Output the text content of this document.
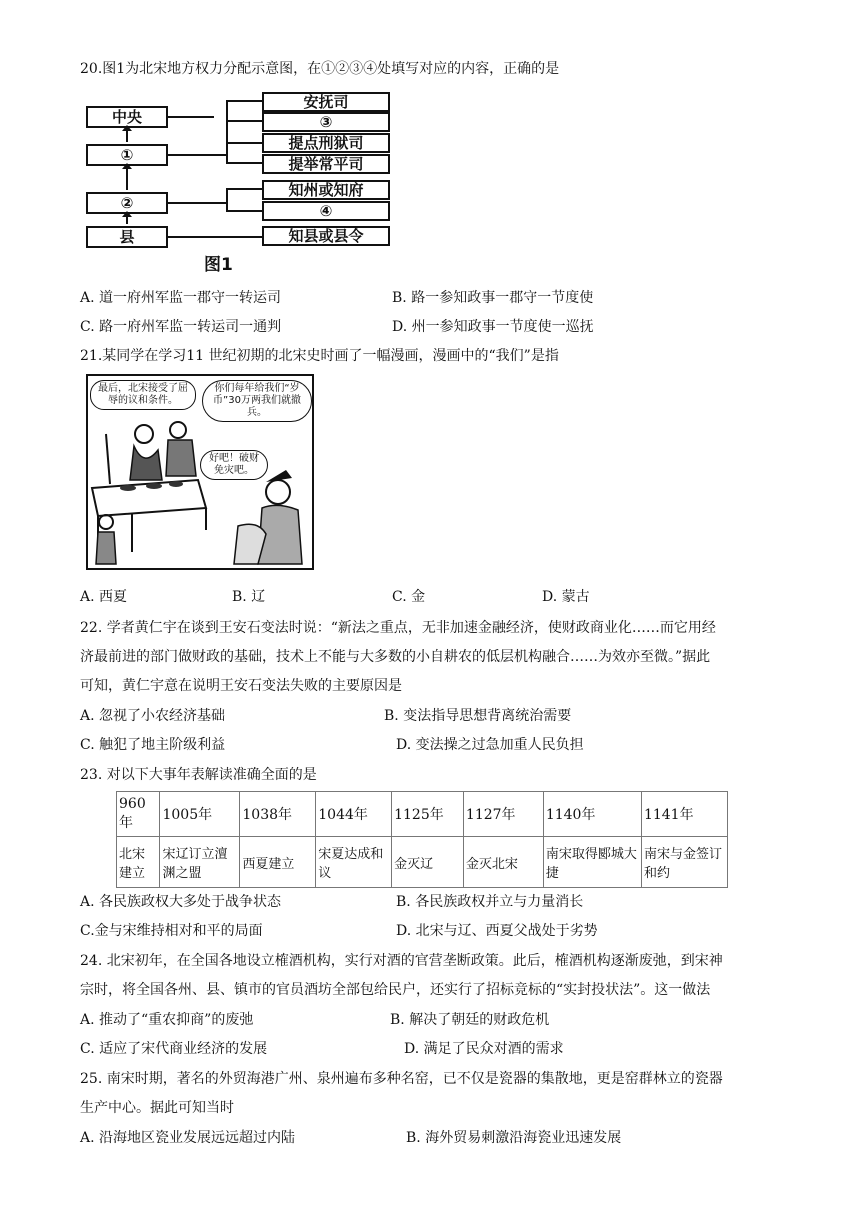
20.图1为北宋地方权力分配示意图，在①②③④处填写对应的内容，正确的是
中央
①
②
县
安抚司
③
提点刑狱司
提举常平司
知州或知府
④
知县或县令
图1
A. 道一府州军监一郡守一转运司	B. 路一参知政事一郡守一节度使
C. 路一府州军监一转运司一通判	D. 州一参知政事一节度使一巡抚
21.某同学在学习11 世纪初期的北宋史时画了一幅漫画，漫画中的“我们”是指
最后，北宋接受了屈辱的议和条件。
你们每年给我们“岁币”30万两我们就撤兵。
好吧！破财免灾吧。
A. 西夏	B. 辽	C. 金	D. 蒙古
22. 学者黄仁宇在谈到王安石变法时说：“新法之重点，无非加速金融经济，使财政商业化……而它用经
济最前进的部门做财政的基础，技术上不能与大多数的小自耕农的低层机构融合……为效亦至微。”据此
可知，黄仁宇意在说明王安石变法失败的主要原因是
A. 忽视了小农经济基础	B. 变法指导思想背离统治需要
C. 触犯了地主阶级利益	D. 变法操之过急加重人民负担
23. 对以下大事年表解读准确全面的是
960年	1005年	1038年	1044年	1125年	1127年	1140年	1141年
北宋建立	宋辽订立澶渊之盟	西夏建立	宋夏达成和议	金灭辽	金灭北宋	南宋取得郾城大捷	南宋与金签订和约
A. 各民族政权大多处于战争状态	B. 各民族政权并立与力量消长
C.金与宋维持相对和平的局面	D. 北宋与辽、西夏父战处于劣势
24. 北宋初年，在全国各地设立榷酒机构，实行对酒的官营垄断政策。此后，榷酒机构逐渐废弛，到宋神
宗时，将全国各州、县、镇市的官员酒坊全部包给民户，还实行了招标竞标的“实封投状法”。这一做法
A. 推动了“重农抑商”的废弛	B. 解决了朝廷的财政危机
C. 适应了宋代商业经济的发展	D. 满足了民众对酒的需求
25. 南宋时期，著名的外贸海港广州、泉州遍布多种名窑，已不仅是瓷器的集散地，更是窑群林立的瓷器
生产中心。据此可知当时
A. 沿海地区瓷业发展远远超过内陆	B. 海外贸易刺激沿海瓷业迅速发展
